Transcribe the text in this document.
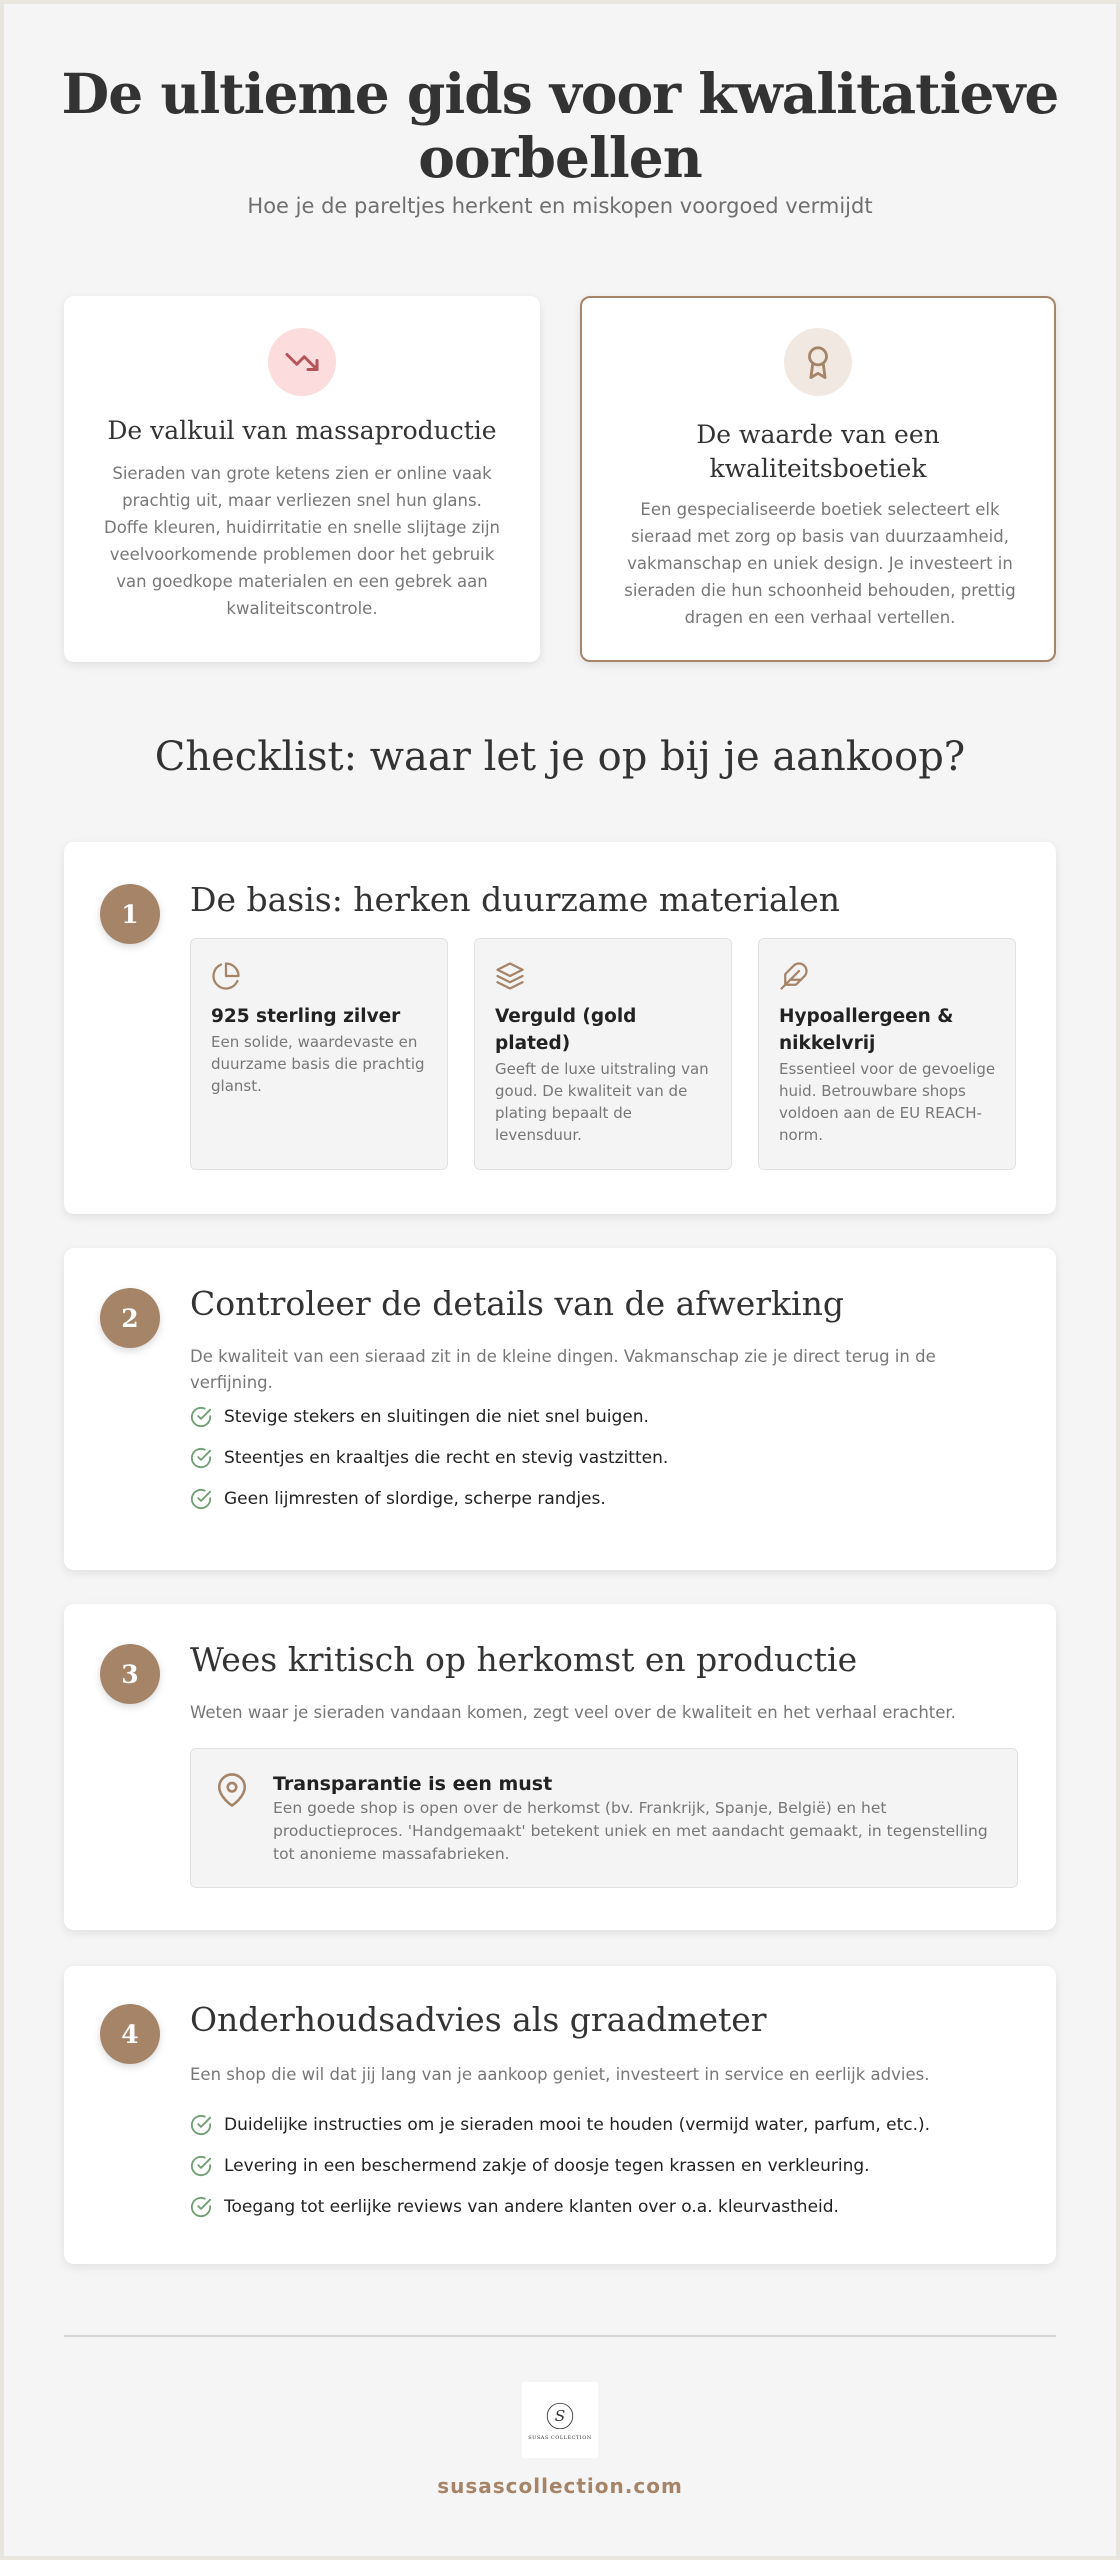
De ultieme gids voor kwalitatieve
oorbellen
Hoe je de pareltjes herkent en miskopen voorgoed vermijdt
De valkuil van massaproductie
Sieraden van grote ketens zien er online vaak prachtig uit, maar verliezen snel hun glans. Doffe kleuren, huidirritatie en snelle slijtage zijn veelvoorkomende problemen door het gebruik van goedkope materialen en een gebrek aan kwaliteitscontrole.
De waarde van een kwaliteitsboetiek
Een gespecialiseerde boetiek selecteert elk sieraad met zorg op basis van duurzaamheid, vakmanschap en uniek design. Je investeert in sieraden die hun schoonheid behouden, prettig dragen en een verhaal vertellen.
Checklist: waar let je op bij je aankoop?
1	De basis: herken duurzame materialen
925 sterling zilver
Een solide, waardevaste en duurzame basis die prachtig glanst.
Verguld (gold plated)
Geeft de luxe uitstraling van goud. De kwaliteit van de plating bepaalt de levensduur.
Hypoallergeen & nikkelvrij
Essentieel voor de gevoelige huid. Betrouwbare shops voldoen aan de EU REACH-norm.
2	Controleer de details van de afwerking
De kwaliteit van een sieraad zit in de kleine dingen. Vakmanschap zie je direct terug in de verfijning.
Stevige stekers en sluitingen die niet snel buigen.
Steentjes en kraaltjes die recht en stevig vastzitten.
Geen lijmresten of slordige, scherpe randjes.
3	Wees kritisch op herkomst en productie
Weten waar je sieraden vandaan komen, zegt veel over de kwaliteit en het verhaal erachter.
Transparantie is een must
Een goede shop is open over de herkomst (bv. Frankrijk, Spanje, België) en het productieproces. 'Handgemaakt' betekent uniek en met aandacht gemaakt, in tegenstelling tot anonieme massafabrieken.
4	Onderhoudsadvies als graadmeter
Een shop die wil dat jij lang van je aankoop geniet, investeert in service en eerlijk advies.
Duidelijke instructies om je sieraden mooi te houden (vermijd water, parfum, etc.).
Levering in een beschermend zakje of doosje tegen krassen en verkleuring.
Toegang tot eerlijke reviews van andere klanten over o.a. kleurvastheid.
S
SUSAS COLLECTION
susascollection.com
